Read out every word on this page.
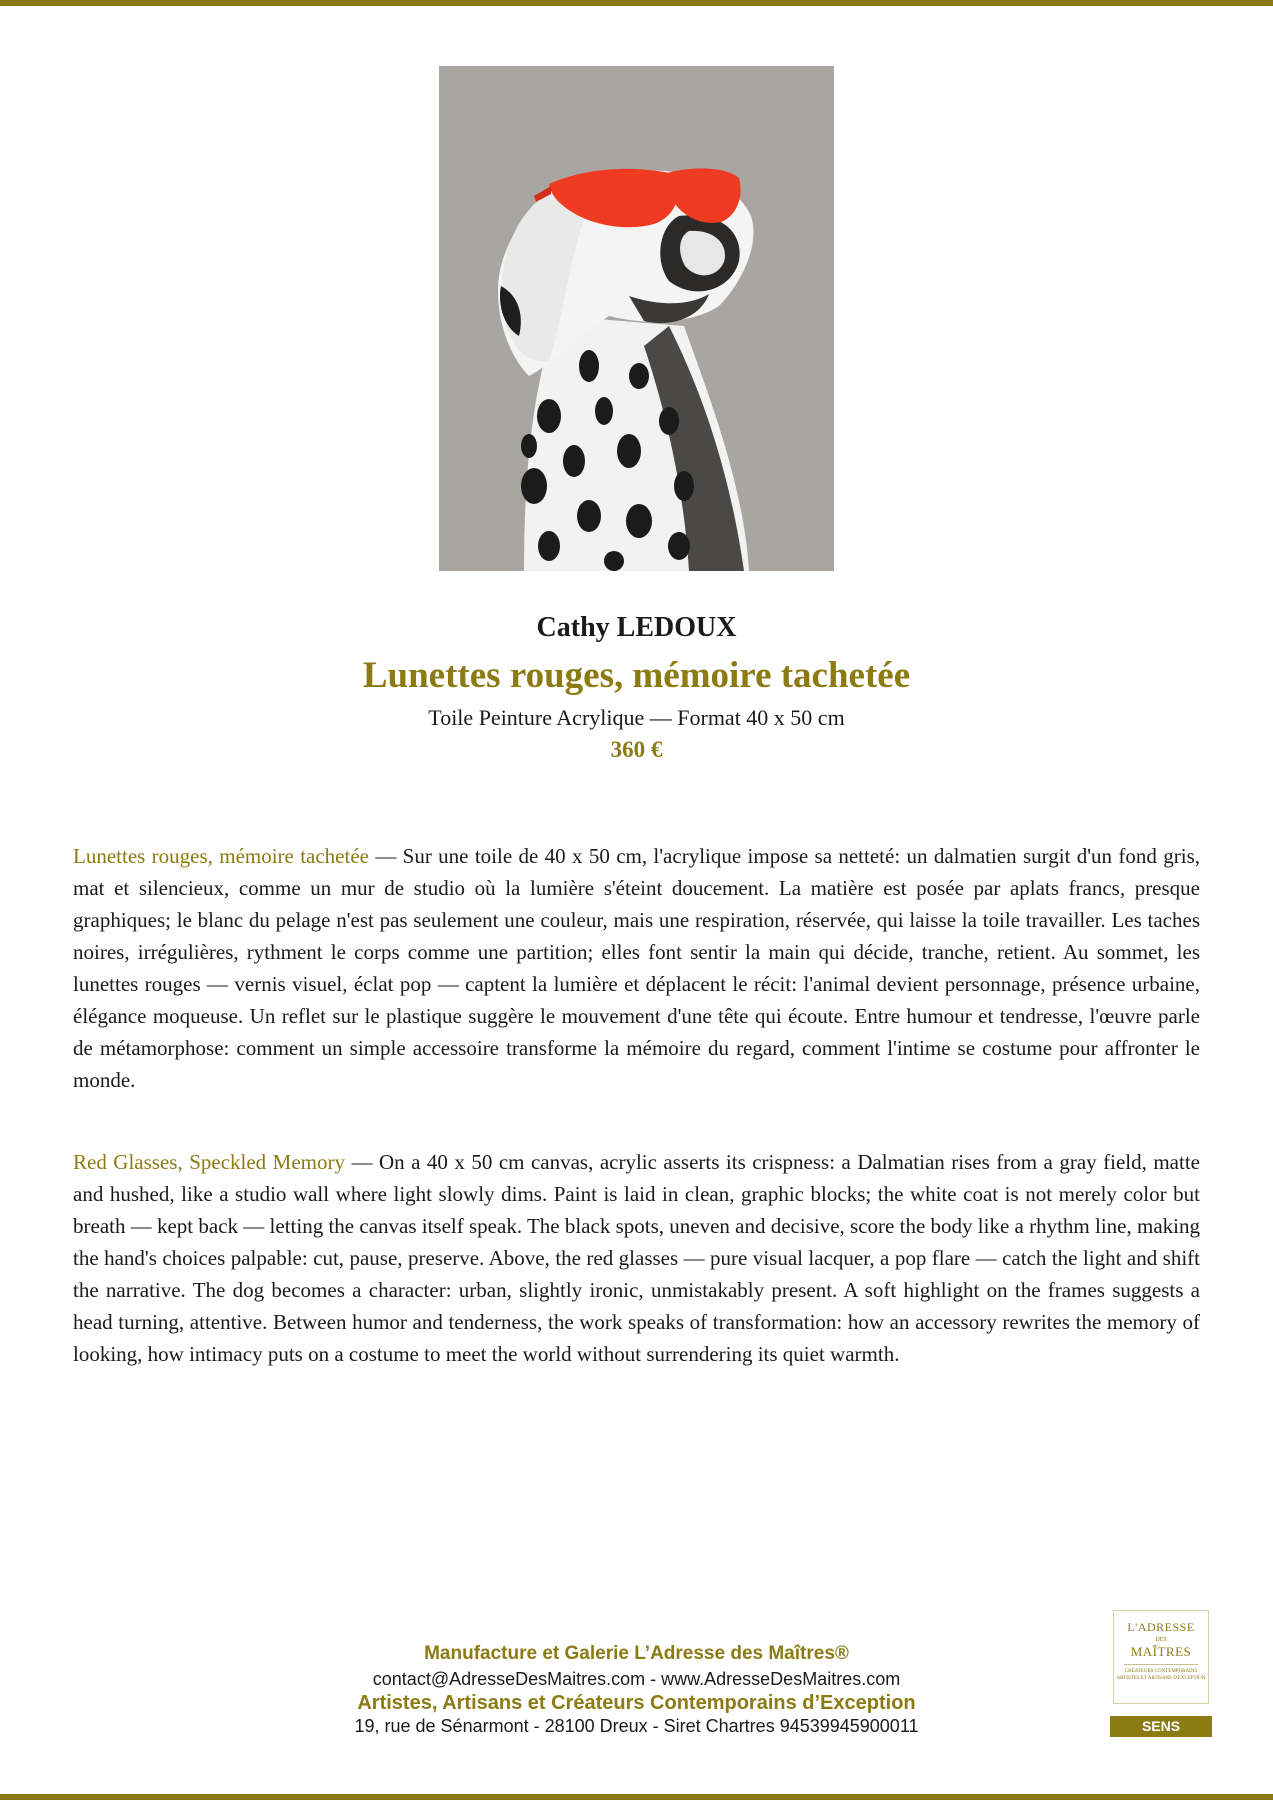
Cathy LEDOUX
Lunettes rouges, mémoire tachetée
Toile Peinture Acrylique — Format 40 x 50 cm
360 €

Lunettes rouges, mémoire tachetée — Sur une toile de 40 x 50 cm, l'acrylique impose sa netteté: un dalmatien surgit d'un fond gris, mat et silencieux, comme un mur de studio où la lumière s'éteint doucement. La matière est posée par aplats francs, presque graphiques; le blanc du pelage n'est pas seulement une couleur, mais une respiration, réservée, qui laisse la toile travailler. Les taches noires, irrégulières, rythment le corps comme une partition; elles font sentir la main qui décide, tranche, retient. Au sommet, les lunettes rouges — vernis visuel, éclat pop — captent la lumière et déplacent le récit: l'animal devient personnage, présence urbaine, élégance moqueuse. Un reflet sur le plastique suggère le mouvement d'une tête qui écoute. Entre humour et tendresse, l'œuvre parle de métamorphose: comment un simple accessoire transforme la mémoire du regard, comment l'intime se costume pour affronter le monde.

Red Glasses, Speckled Memory — On a 40 x 50 cm canvas, acrylic asserts its crispness: a Dalmatian rises from a gray field, matte and hushed, like a studio wall where light slowly dims. Paint is laid in clean, graphic blocks; the white coat is not merely color but breath — kept back — letting the canvas itself speak. The black spots, uneven and decisive, score the body like a rhythm line, making the hand's choices palpable: cut, pause, preserve. Above, the red glasses — pure visual lacquer, a pop flare — catch the light and shift the narrative. The dog becomes a character: urban, slightly ironic, unmistakably present. A soft highlight on the frames suggests a head turning, attentive. Between humor and tenderness, the work speaks of transformation: how an accessory rewrites the memory of looking, how intimacy puts on a costume to meet the world without surrendering its quiet warmth.

Manufacture et Galerie L’Adresse des Maîtres®
contact@AdresseDesMaitres.com - www.AdresseDesMaitres.com
Artistes, Artisans et Créateurs Contemporains d’Exception
19, rue de Sénarmont - 28100 Dreux - Siret Chartres 94539945900011
L'ADRESSE
DES
MAÎTRES
CRÉATEURS CONTEMPORAINS ARTISTES ET ARTISANS D'EXCEPTION
SENS
